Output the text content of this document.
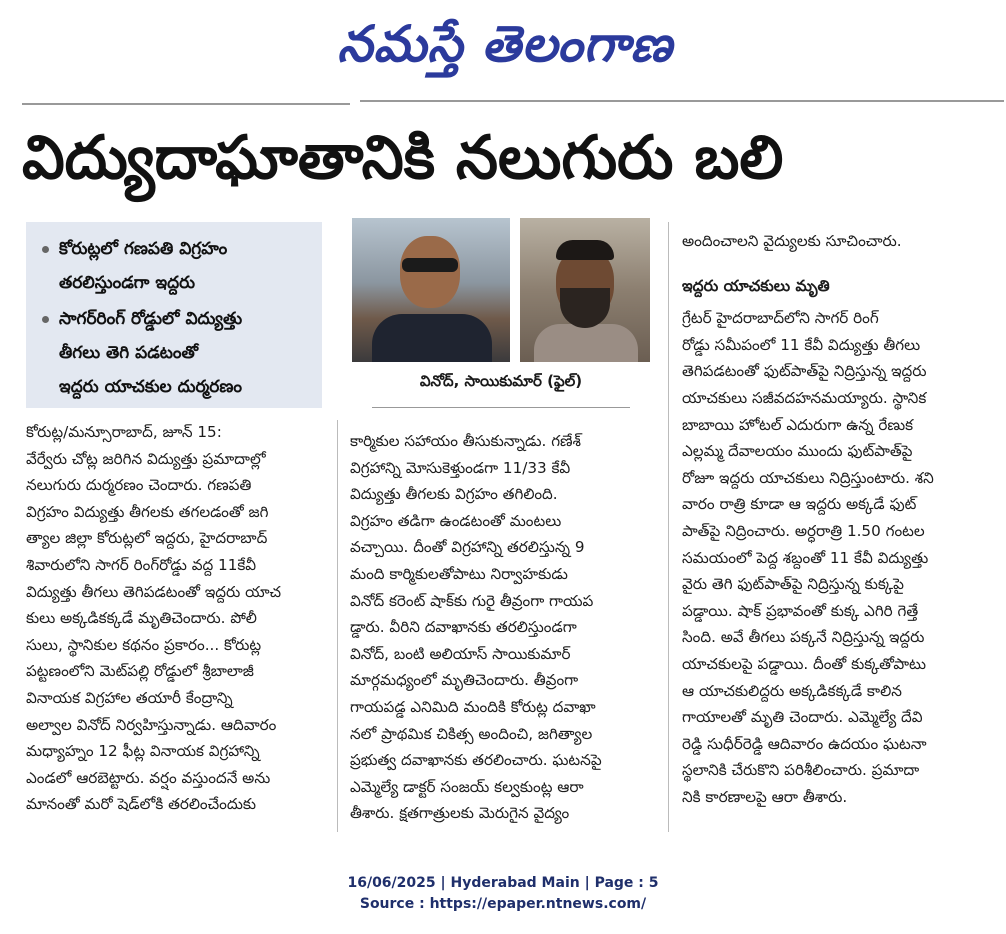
నమస్తే తెలంగాణ
విద్యుదాఘాతానికి నలుగురు బలి
కోరుట్లలో గణపతి విగ్రహం
తరలిస్తుండగా ఇద్దరు
సాగర్‌రింగ్ రోడ్డులో విద్యుత్తు
తీగలు తెగి పడటంతో
ఇద్దరు యాచకుల దుర్మరణం	వినోద్, సాయికుమార్ (ఫైల్)

కోరుట్ల/మన్సూరాబాద్, జూన్ 15:

వేర్వేరు చోట్ల జరిగిన విద్యుత్తు ప్రమాదాల్లో

నలుగురు దుర్మరణం చెందారు. గణపతి

విగ్రహం విద్యుత్తు తీగలకు తగలడంతో జగి

త్యాల జిల్లా కోరుట్లలో ఇద్దరు, హైదరాబాద్

శివారులోని సాగర్ రింగ్‌రోడ్డు వద్ద 11కేవీ

విద్యుత్తు తీగలు తెగిపడటంతో ఇద్దరు యాచ

కులు అక్కడికక్కడే మృతిచెందారు. పోలీ

సులు, స్థానికుల కథనం ప్రకారం... కోరుట్ల

పట్టణంలోని మెట్‌పల్లి రోడ్డులో శ్రీబాలాజీ

వినాయక విగ్రహాల తయారీ కేంద్రాన్ని

అల్వాల వినోద్ నిర్వహిస్తున్నాడు. ఆదివారం

మధ్యాహ్నం 12 ఫీట్ల వినాయక విగ్రహాన్ని

ఎండలో ఆరబెట్టారు. వర్షం వస్తుందనే అను

మానంతో మరో షెడ్‌లోకి తరలించేందుకు

కార్మికుల సహాయం తీసుకున్నాడు. గణేశ్

విగ్రహాన్ని మోసుకెళ్తుండగా 11/33 కేవీ

విద్యుత్తు తీగలకు విగ్రహం తగిలింది.

విగ్రహం తడిగా ఉండటంతో మంటలు

వచ్చాయి. దీంతో విగ్రహాన్ని తరలిస్తున్న 9

మంది కార్మికులతోపాటు నిర్వాహకుడు

వినోద్ కరెంట్ షాక్‌కు గురై తీవ్రంగా గాయప

డ్డారు. వీరిని దవాఖానకు తరలిస్తుండగా

వినోద్, బంటి అలియాస్ సాయికుమార్

మార్గమధ్యంలో మృతిచెందారు. తీవ్రంగా

గాయపడ్డ ఎనిమిది మందికి కోరుట్ల దవాఖా

నలో ప్రాథమిక చికిత్స అందించి, జగిత్యాల

ప్రభుత్వ దవాఖానకు తరలించారు. ఘటనపై

ఎమ్మెల్యే డాక్టర్ సంజయ్ కల్వకుంట్ల ఆరా

తీశారు. క్షతగాత్రులకు మెరుగైన వైద్యం

అందించాలని వైద్యులకు సూచించారు.

ఇద్దరు యాచకులు మృతి

గ్రేటర్ హైదరాబాద్‌లోని సాగర్ రింగ్

రోడ్డు సమీపంలో 11 కేవీ విద్యుత్తు తీగలు

తెగిపడటంతో ఫుట్‌పాత్‌పై నిద్రిస్తున్న ఇద్దరు

యాచకులు సజీవదహనమయ్యారు. స్థానిక

బాబాయి హోటల్ ఎదురుగా ఉన్న రేణుక

ఎల్లమ్మ దేవాలయం ముందు ఫుట్‌పాత్‌పై

రోజూ ఇద్దరు యాచకులు నిద్రిస్తుంటారు. శని

వారం రాత్రి కూడా ఆ ఇద్దరు అక్కడే ఫుట్

పాత్‌పై నిద్రించారు. అర్ధరాత్రి 1.50 గంటల

సమయంలో పెద్ద శబ్దంతో 11 కేవీ విద్యుత్తు

వైరు తెగి ఫుట్‌పాత్‌పై నిద్రిస్తున్న కుక్కపై

పడ్డాయి. షాక్ ప్రభావంతో కుక్క ఎగిరి గెత్తే

సింది. అవే తీగలు పక్కనే నిద్రిస్తున్న ఇద్దరు

యాచకులపై పడ్డాయి. దీంతో కుక్కతోపాటు

ఆ యాచకులిద్దరు అక్కడికక్కడే కాలిన

గాయాలతో మృతి చెందారు. ఎమ్మెల్యే దేవి

రెడ్డి సుధీర్‌రెడ్డి ఆదివారం ఉదయం ఘటనా

స్థలానికి చేరుకొని పరిశీలించారు. ప్రమాదా

నికి కారణాలపై ఆరా తీశారు.

16/06/2025 | Hyderabad Main | Page : 5
Source : https://epaper.ntnews.com/
